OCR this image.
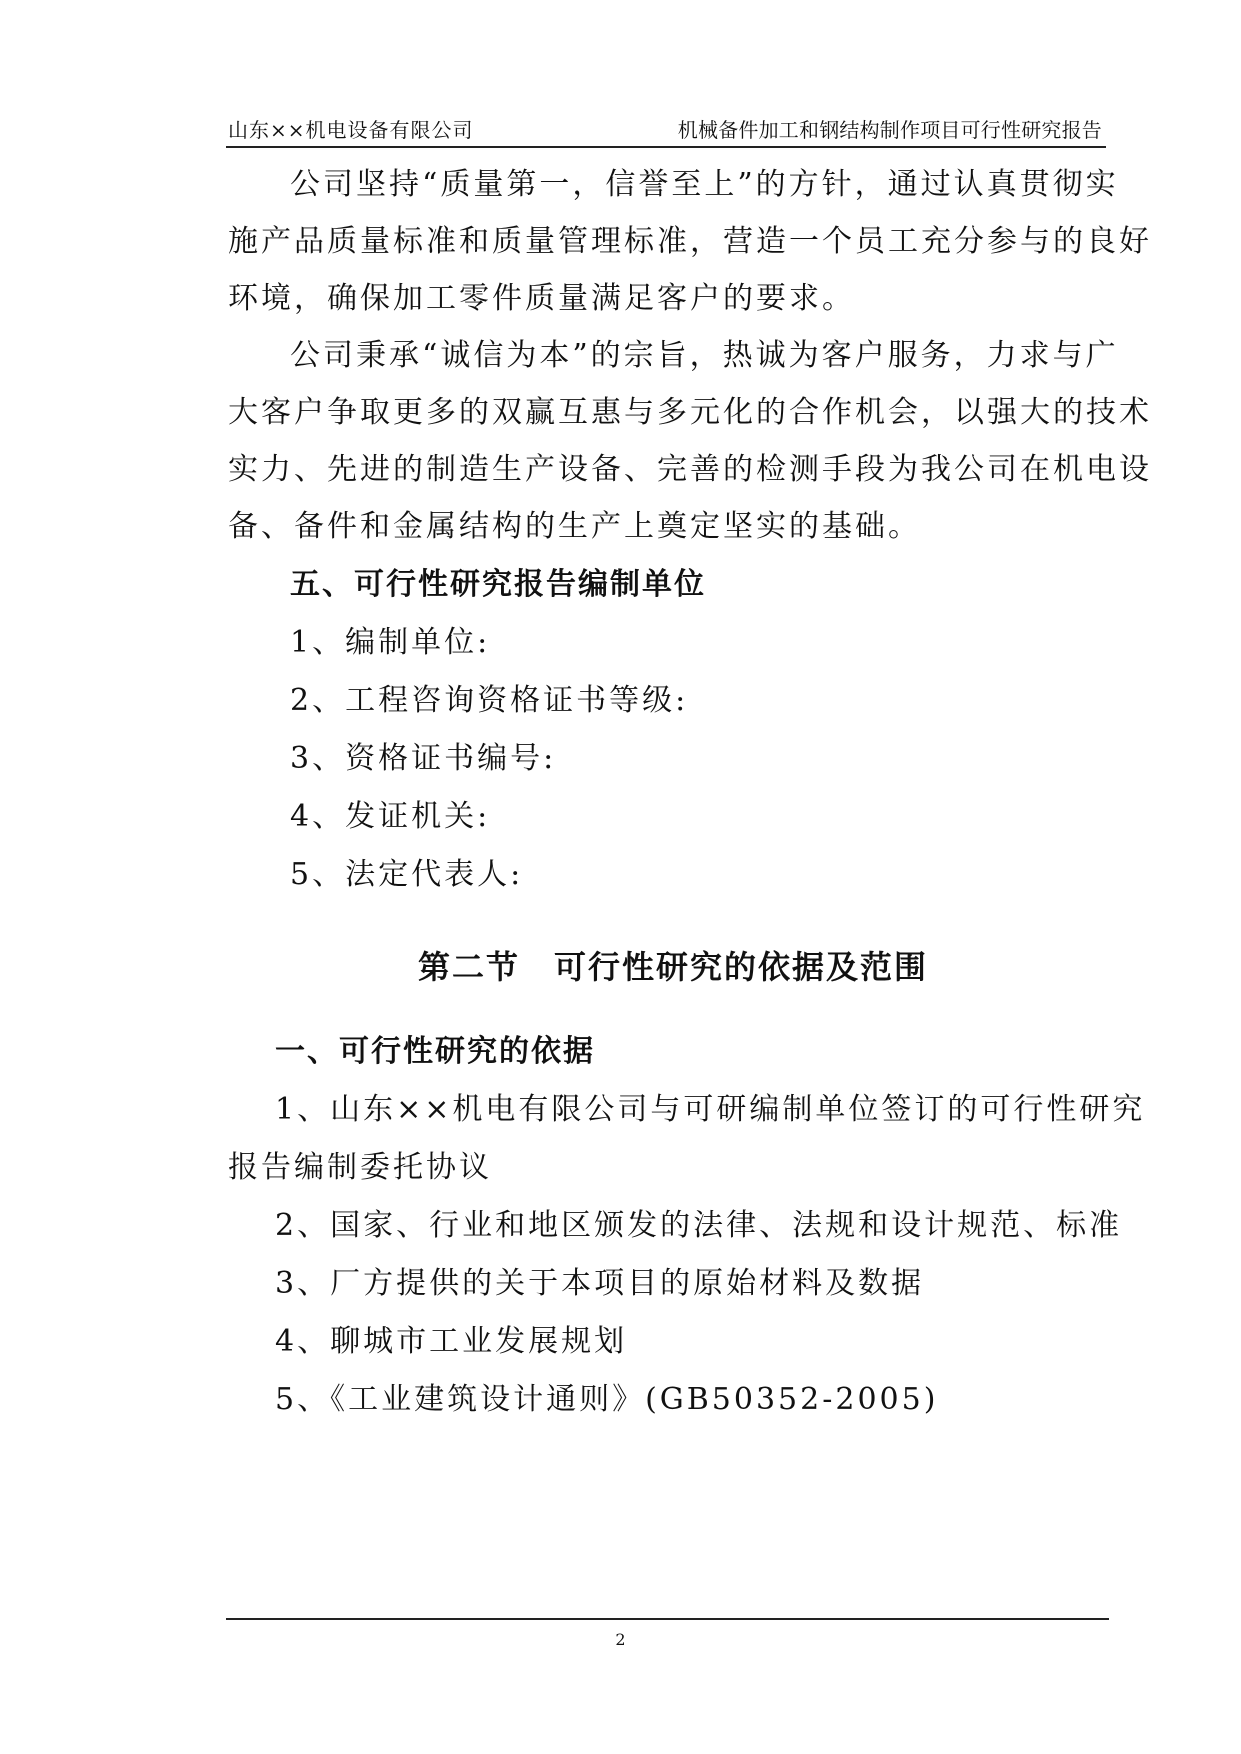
山东××机电设备有限公司	机械备件加工和钢结构制作项目可行性研究报告
公司坚持“质量第一，信誉至上”的方针，通过认真贯彻实
施产品质量标准和质量管理标准，营造一个员工充分参与的良好
环境，确保加工零件质量满足客户的要求。
公司秉承“诚信为本”的宗旨，热诚为客户服务，力求与广
大客户争取更多的双赢互惠与多元化的合作机会，以强大的技术
实力、先进的制造生产设备、完善的检测手段为我公司在机电设
备、备件和金属结构的生产上奠定坚实的基础。
五、可行性研究报告编制单位
1、编制单位:
2、工程咨询资格证书等级:
3、资格证书编号:
4、发证机关:
5、法定代表人:
第二节　可行性研究的依据及范围
一、可行性研究的依据
1、山东××机电有限公司与可研编制单位签订的可行性研究
报告编制委托协议
2、国家、行业和地区颁发的法律、法规和设计规范、标准
3、厂方提供的关于本项目的原始材料及数据
4、聊城市工业发展规划
5、《工业建筑设计通则》(GB50352-2005)
2
